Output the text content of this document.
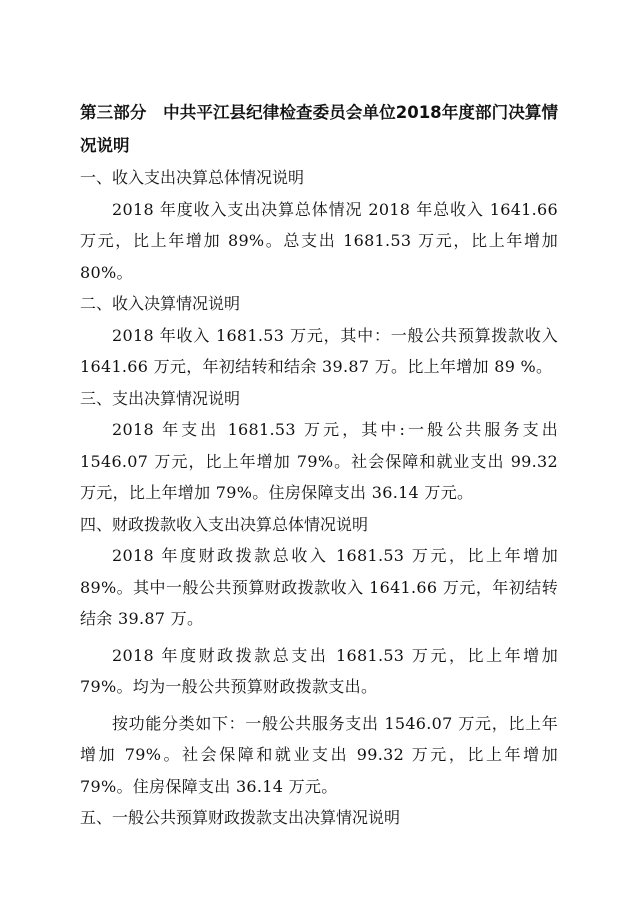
第三部分　中共平江县纪律检查委员会单位2018年度部门决算情况说明

一、收入支出决算总体情况说明

2018 年度收入支出决算总体情况 2018 年总收入 1641.66 万元，比上年增加 89%。总支出 1681.53 万元，比上年增加 80%。

二、收入决算情况说明

2018 年收入 1681.53 万元，其中：一般公共预算拨款收入 1641.66 万元，年初结转和结余 39.87 万。比上年增加 89 %。

三、支出决算情况说明

2018 年支出 1681.53 万元，其中:一般公共服务支出 1546.07 万元，比上年增加 79%。社会保障和就业支出 99.32 万元，比上年增加 79%。住房保障支出 36.14 万元。

四、财政拨款收入支出决算总体情况说明

2018 年度财政拨款总收入 1681.53 万元，比上年增加 89%。其中一般公共预算财政拨款收入 1641.66 万元，年初结转结余 39.87 万。

2018 年度财政拨款总支出 1681.53 万元，比上年增加 79%。均为一般公共预算财政拨款支出。

按功能分类如下：一般公共服务支出 1546.07 万元，比上年增加 79%。社会保障和就业支出 99.32 万元，比上年增加 79%。住房保障支出 36.14 万元。

五、一般公共预算财政拨款支出决算情况说明
